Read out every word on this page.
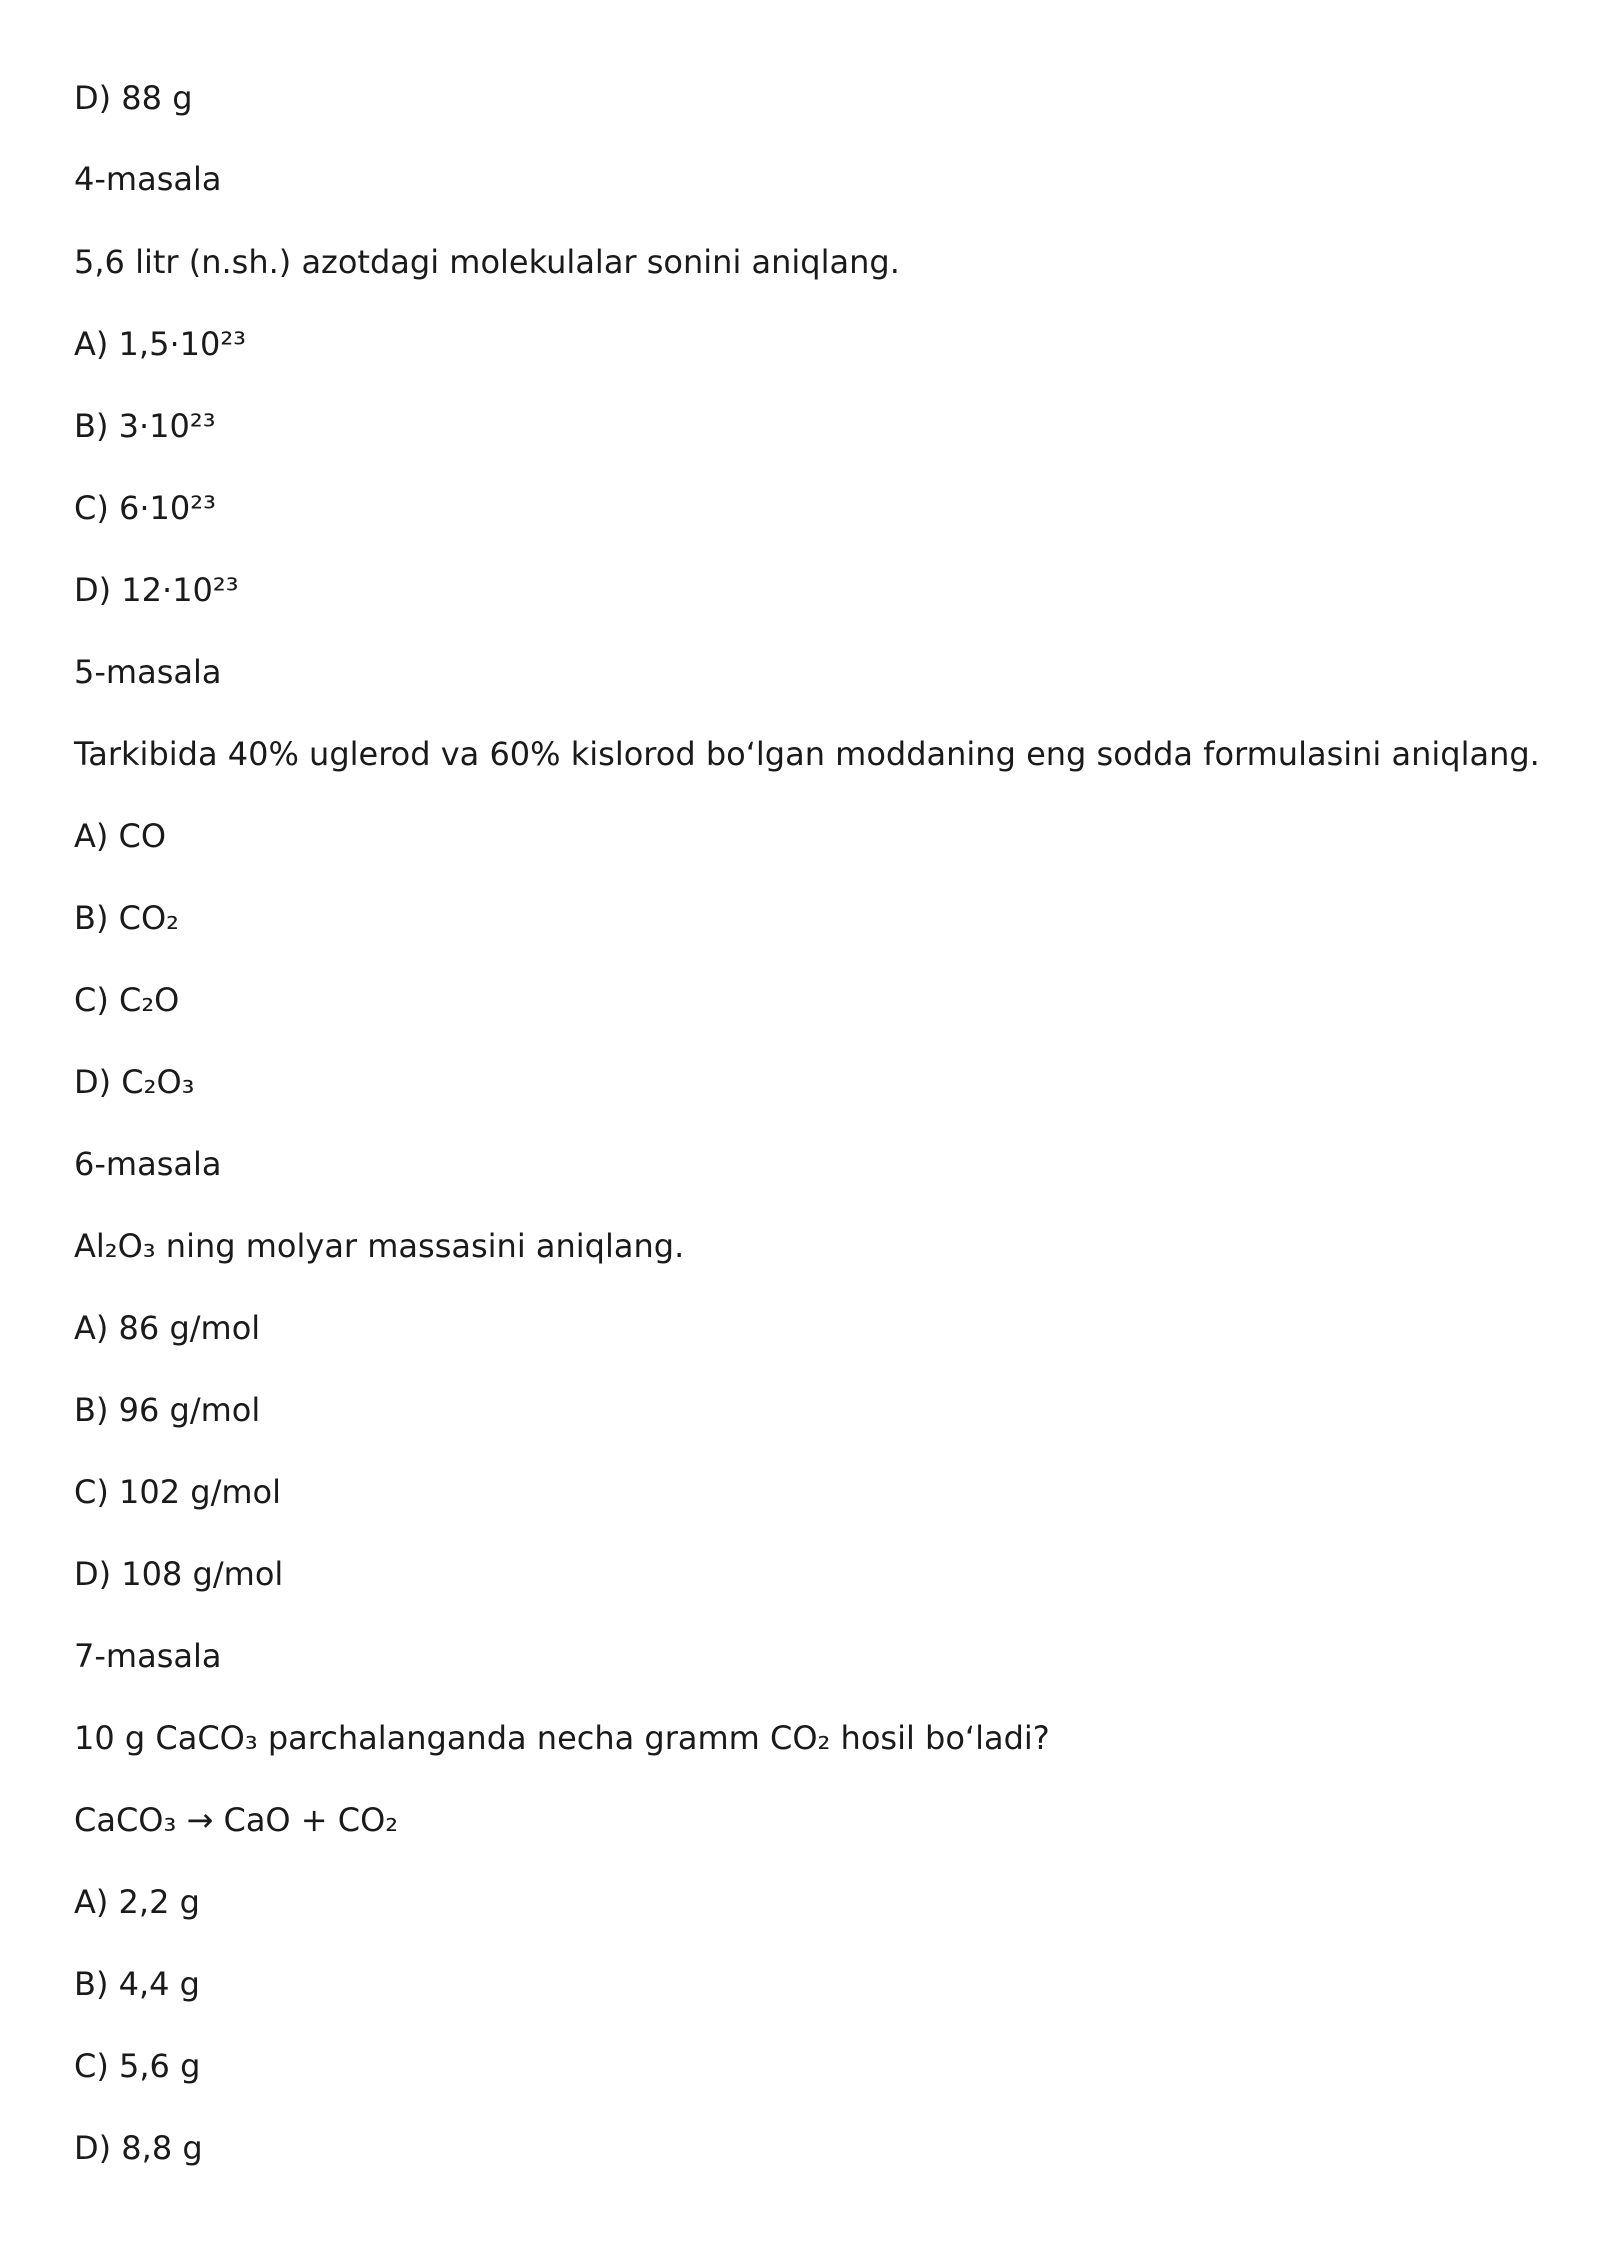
D) 88 g
4-masala
5,6 litr (n.sh.) azotdagi molekulalar sonini aniqlang.
A) 1,5·10²³
B) 3·10²³
C) 6·10²³
D) 12·10²³
5-masala
Tarkibida 40% uglerod va 60% kislorod boʻlgan moddaning eng sodda formulasini aniqlang.
A) CO
B) CO₂
C) C₂O
D) C₂O₃
6-masala
Al₂O₃ ning molyar massasini aniqlang.
A) 86 g/mol
B) 96 g/mol
C) 102 g/mol
D) 108 g/mol
7-masala
10 g CaCO₃ parchalanganda necha gramm CO₂ hosil boʻladi?
CaCO₃ → CaO + CO₂
A) 2,2 g
B) 4,4 g
C) 5,6 g
D) 8,8 g
